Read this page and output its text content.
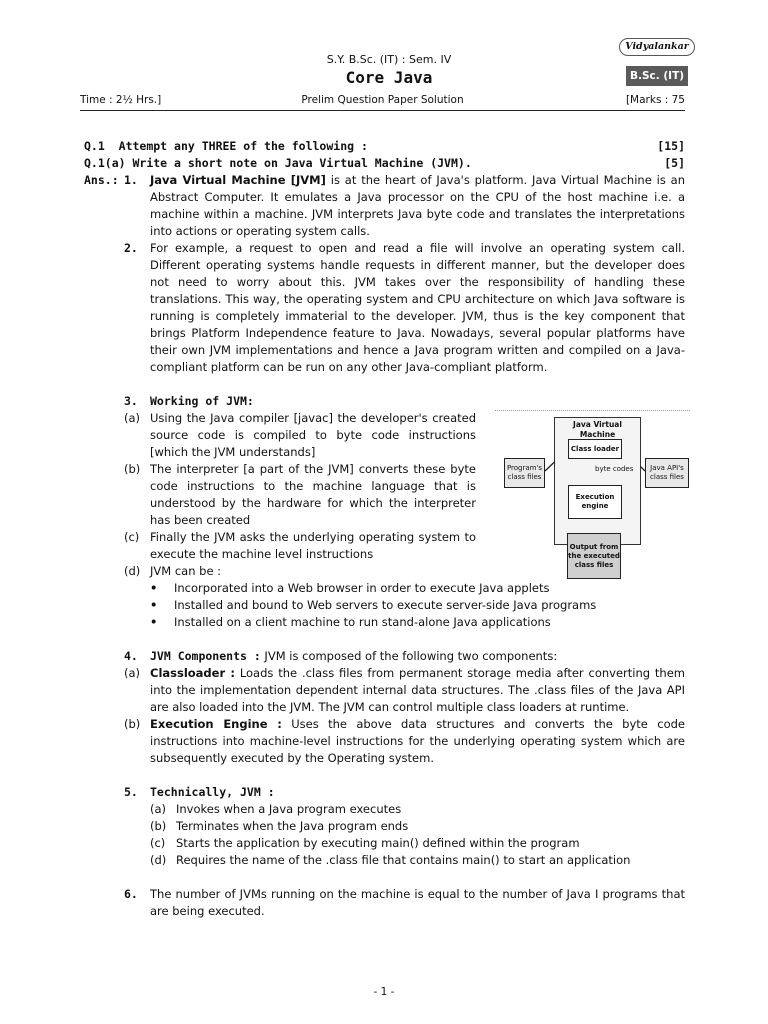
S.Y. B.Sc. (IT) : Sem. IV
Core Java
Time : 2½ Hrs.]	Prelim Question Paper Solution	[Marks : 75
Vidyalankar
B.Sc. (IT)
Q.1 Attempt any THREE of the following :	[15]
Q.1(a) Write a short note on Java Virtual Machine (JVM).	[5]
Ans.: 1.	Java Virtual Machine [JVM] is at the heart of Java's platform. Java Virtual Machine is an Abstract Computer. It emulates a Java processor on the CPU of the host machine i.e. a machine within a machine. JVM interprets Java byte code and translates the interpretations into actions or operating system calls.
2.	For example, a request to open and read a file will involve an operating system call. Different operating systems handle requests in different manner, but the developer does not need to worry about this. JVM takes over the responsibility of handling these translations. This way, the operating system and CPU architecture on which Java software is running is completely immaterial to the developer. JVM, thus is the key component that brings Platform Independence feature to Java. Nowadays, several popular platforms have their own JVM implementations and hence a Java program written and compiled on a Java-compliant platform can be run on any other Java-compliant platform.
3.	Working of JVM:
(a) Using the Java compiler [javac] the developer's created source code is compiled to byte code instructions [which the JVM understands]
(b) The interpreter [a part of the JVM] converts these byte code instructions to the machine language that is understood by the hardware for which the interpreter has been created
(c) Finally the JVM asks the underlying operating system to execute the machine level instructions
(d) JVM can be :
•	Incorporated into a Web browser in order to execute Java applets
•	Installed and bound to Web servers to execute server-side Java programs
•	Installed on a client machine to run stand-alone Java applications
4.	JVM Components : JVM is composed of the following two components:
(a) Classloader : Loads the .class files from permanent storage media after converting them into the implementation dependent internal data structures. The .class files of the Java API are also loaded into the JVM. The JVM can control multiple class loaders at runtime.
(b) Execution Engine : Uses the above data structures and converts the byte code instructions into machine-level instructions for the underlying operating system which are subsequently executed by the Operating system.
5.	Technically, JVM :
(a) Invokes when a Java program executes
(b) Terminates when the Java program ends
(c) Starts the application by executing main() defined within the program
(d) Requires the name of the .class file that contains main() to start an application
6.	The number of JVMs running on the machine is equal to the number of Java I programs that are being executed.
Java Virtual Machine
Class loader
byte codes
Execution engine
Program's class files
Java API's class files
Output from the executed class files
- 1 -
